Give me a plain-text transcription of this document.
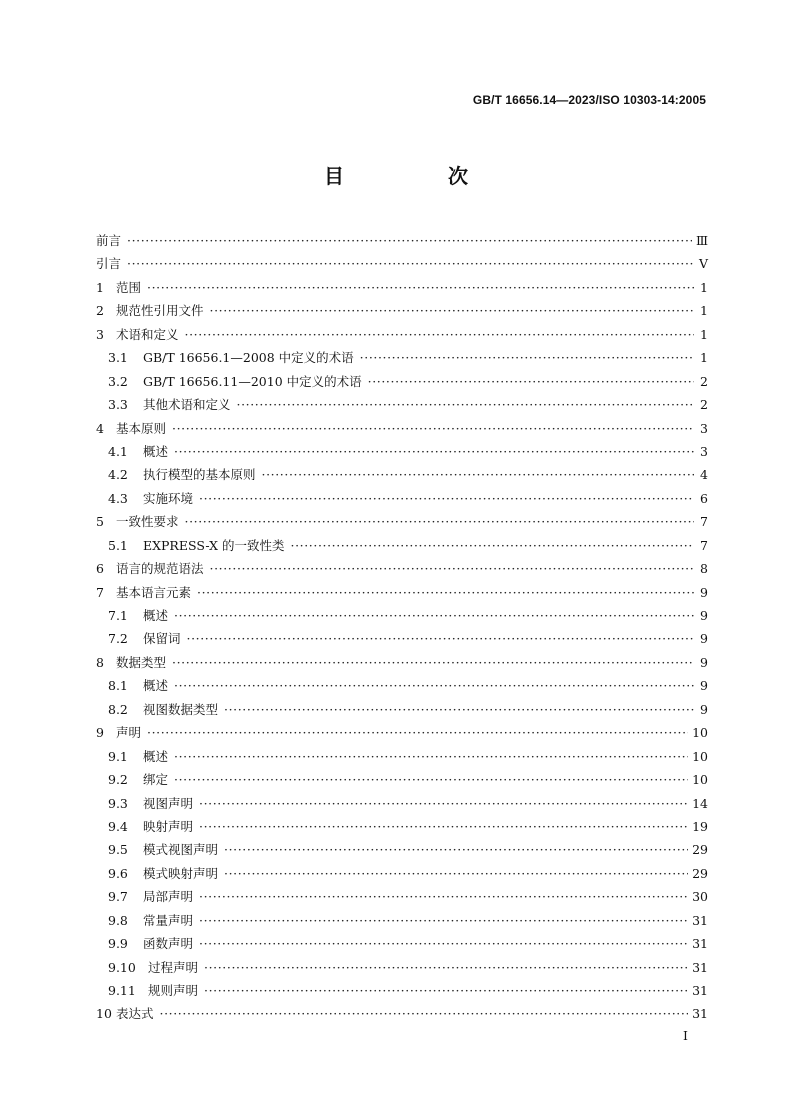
GB/T 16656.14—2023/ISO 10303-14:2005
目　次
前言 ·····	Ⅲ
引言 ·····	Ⅴ
1 范围 ·····	1
2 规范性引用文件 ·····	1
3 术语和定义 ·····	1
3.1	GB/T 16656.1—2008 中定义的术语 ·····	1
3.2	GB/T 16656.11—2010 中定义的术语 ·····	2
3.3	其他术语和定义 ·····	2
4 基本原则 ·····	3
4.1	概述 ·····	3
4.2	执行模型的基本原则 ·····	4
4.3	实施环境 ·····	6
5 一致性要求 ·····	7
5.1	EXPRESS-X 的一致性类 ·····	7
6 语言的规范语法 ·····	8
7 基本语言元素 ·····	9
7.1	概述 ·····	9
7.2	保留词 ·····	9
8 数据类型 ·····	9
8.1	概述 ·····	9
8.2	视图数据类型 ·····	9
9 声明 ·····	10
9.1	概述 ·····	10
9.2	绑定 ·····	10
9.3	视图声明 ·····	14
9.4	映射声明 ·····	19
9.5	模式视图声明 ·····	29
9.6	模式映射声明 ·····	29
9.7	局部声明 ·····	30
9.8	常量声明 ·····	31
9.9	函数声明 ·····	31
9.10 过程声明 ·····	31
9.11 规则声明 ·····	31
10 表达式 ·····	31
Ⅰ
